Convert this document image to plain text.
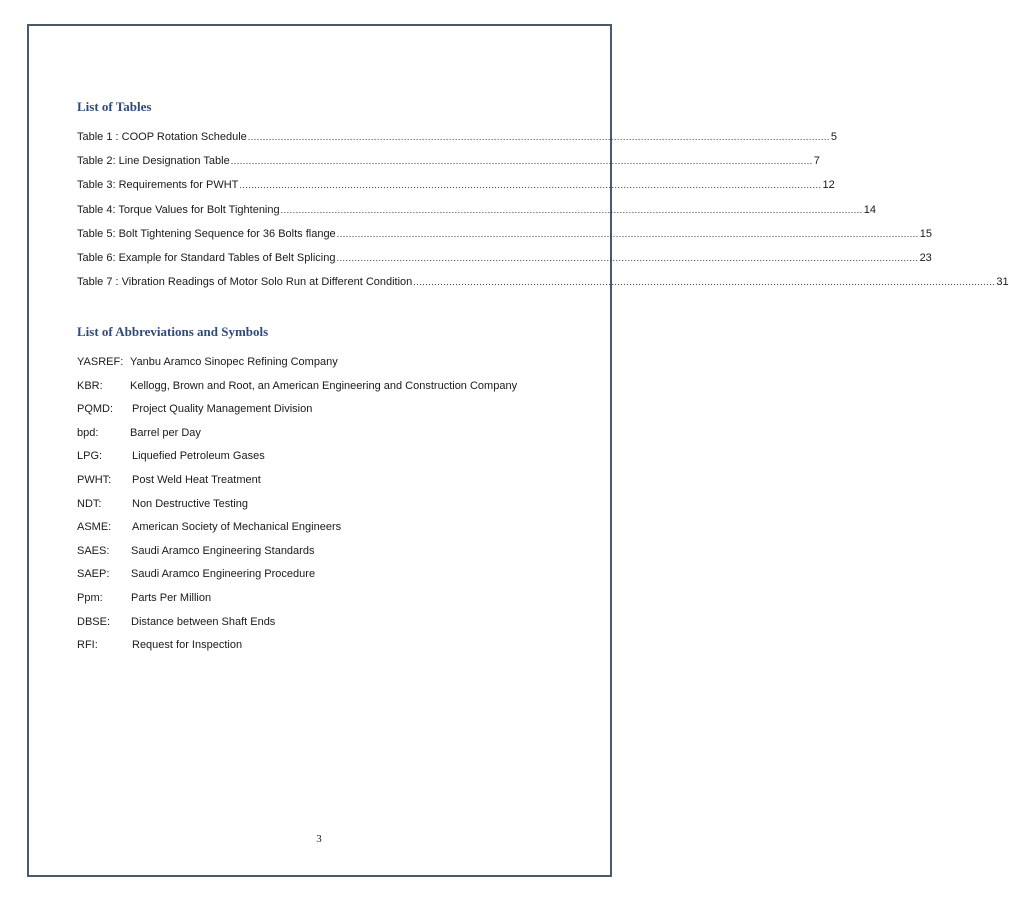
List of Tables
Table 1 : COOP Rotation Schedule .................................................................................................................................................................................................. 5
Table 2: Line Designation Table .................................................................................................................................................................................................. 7
Table 3: Requirements for PWHT .................................................................................................................................................................................................. 12
Table 4: Torque Values for Bolt Tightening .................................................................................................................................................................................................. 14
Table 5: Bolt Tightening Sequence for 36 Bolts flange .................................................................................................................................................................................................. 15
Table 6: Example for Standard Tables of Belt Splicing .................................................................................................................................................................................................. 23
Table 7 : Vibration Readings of Motor Solo Run at Different Condition .................................................................................................................................................................................................. 31
List of Abbreviations and Symbols
YASREF: Yanbu Aramco Sinopec Refining Company
KBR:	Kellogg, Brown and Root, an American Engineering and Construction Company
PQMD:	Project Quality Management Division
bpd:	Barrel per Day
LPG:	Liquefied Petroleum Gases
PWHT:	Post Weld Heat Treatment
NDT:	Non Destructive Testing
ASME:	American Society of Mechanical Engineers
SAES:	Saudi Aramco Engineering Standards
SAEP:	Saudi Aramco Engineering Procedure
Ppm:	Parts Per Million
DBSE:	Distance between Shaft Ends
RFI:	Request for Inspection
3
